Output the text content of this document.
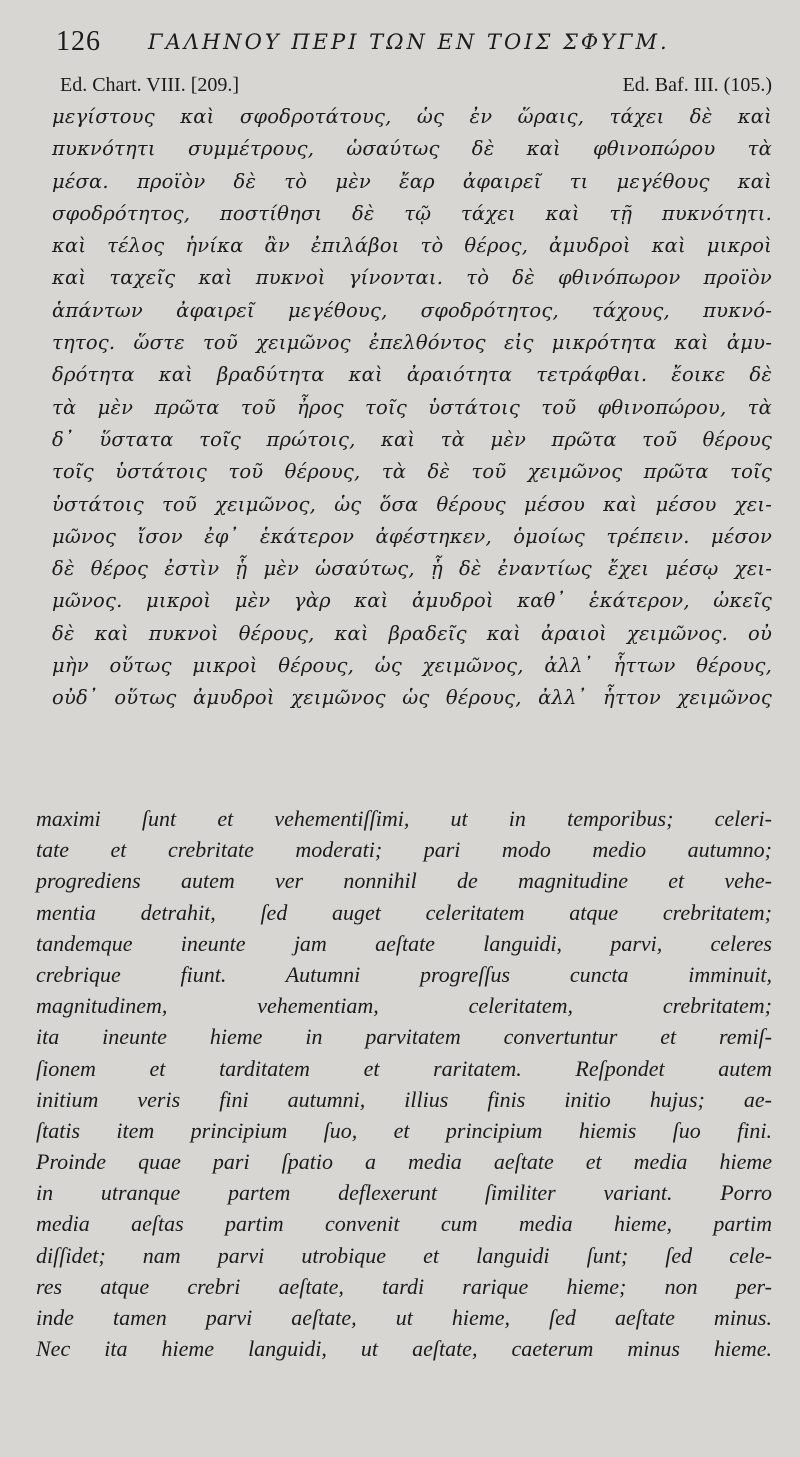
126 ΓΑΛΗΝΟΥ ΠΕΡΙ ΤΩΝ ΕΝ ΤΟΙΣ ΣΦΥΓΜ.
Ed. Chart. VIII. [209.]	Ed. Baf. III. (105.)
μεγίστους καὶ σφοδροτάτους, ὡς ἐν ὥραις, τάχει δὲ καὶ
πυκνότητι συμμέτρους, ὡσαύτως δὲ καὶ φθινοπώρου τὰ
μέσα. προϊὸν δὲ τὸ μὲν ἔαρ ἀφαιρεῖ τι μεγέθους καὶ
σφοδρότητος, ποστίθησι δὲ τῷ τάχει καὶ τῇ πυκνότητι.
καὶ τέλος ἡνίκα ἂν ἐπιλάβοι τὸ θέρος, ἀμυδροὶ καὶ μικροὶ
καὶ ταχεῖς καὶ πυκνοὶ γίνονται. τὸ δὲ φθινόπωρον προϊὸν
ἁπάντων ἀφαιρεῖ μεγέθους, σφοδρότητος, τάχους, πυκνό-
τητος. ὥστε τοῦ χειμῶνος ἐπελθόντος εἰς μικρότητα καὶ ἀμυ-
δρότητα καὶ βραδύτητα καὶ ἀραιότητα τετράφθαι. ἔοικε δὲ
τὰ μὲν πρῶτα τοῦ ἦρος τοῖς ὑστάτοις τοῦ φθινοπώρου, τὰ
δ᾽ ὕστατα τοῖς πρώτοις, καὶ τὰ μὲν πρῶτα τοῦ θέρους
τοῖς ὑστάτοις τοῦ θέρους, τὰ δὲ τοῦ χειμῶνος πρῶτα τοῖς
ὑστάτοις τοῦ χειμῶνος, ὡς ὅσα θέρους μέσου καὶ μέσου χει-
μῶνος ἴσον ἐφ᾽ ἑκάτερον ἀφέστηκεν, ὁμοίως τρέπειν. μέσον
δὲ θέρος ἐστὶν ᾗ μὲν ὡσαύτως, ᾗ δὲ ἐναντίως ἔχει μέσῳ χει-
μῶνος. μικροὶ μὲν γὰρ καὶ ἀμυδροὶ καθ᾽ ἑκάτερον, ὠκεῖς
δὲ καὶ πυκνοὶ θέρους, καὶ βραδεῖς καὶ ἀραιοὶ χειμῶνος. οὐ
μὴν οὕτως μικροὶ θέρους, ὡς χειμῶνος, ἀλλ᾽ ἧττων θέρους,
οὐδ᾽ οὕτως ἀμυδροὶ χειμῶνος ὡς θέρους, ἀλλ᾽ ἧττον χειμῶνος
maximi ſunt et vehementiſſimi, ut in temporibus; celeri-
tate et crebritate moderati; pari modo medio autumno;
progrediens autem ver nonnihil de magnitudine et vehe-
mentia detrahit, ſed auget celeritatem atque crebritatem;
tandemque ineunte jam aeſtate languidi, parvi, celeres
crebrique fiunt. Autumni progreſſus cuncta imminuit,
magnitudinem, vehementiam, celeritatem, crebritatem;
ita ineunte hieme in parvitatem convertuntur et remiſ-
ſionem et tarditatem et raritatem. Reſpondet autem
initium veris fini autumni, illius finis initio hujus; ae-
ſtatis item principium ſuo, et principium hiemis ſuo fini.
Proinde quae pari ſpatio a media aeſtate et media hieme
in utranque partem deflexerunt ſimiliter variant. Porro
media aeſtas partim convenit cum media hieme, partim
diſſidet; nam parvi utrobique et languidi ſunt; ſed cele-
res atque crebri aeſtate, tardi rarique hieme; non per-
inde tamen parvi aeſtate, ut hieme, ſed aeſtate minus.
Nec ita hieme languidi, ut aeſtate, caeterum minus hieme.
